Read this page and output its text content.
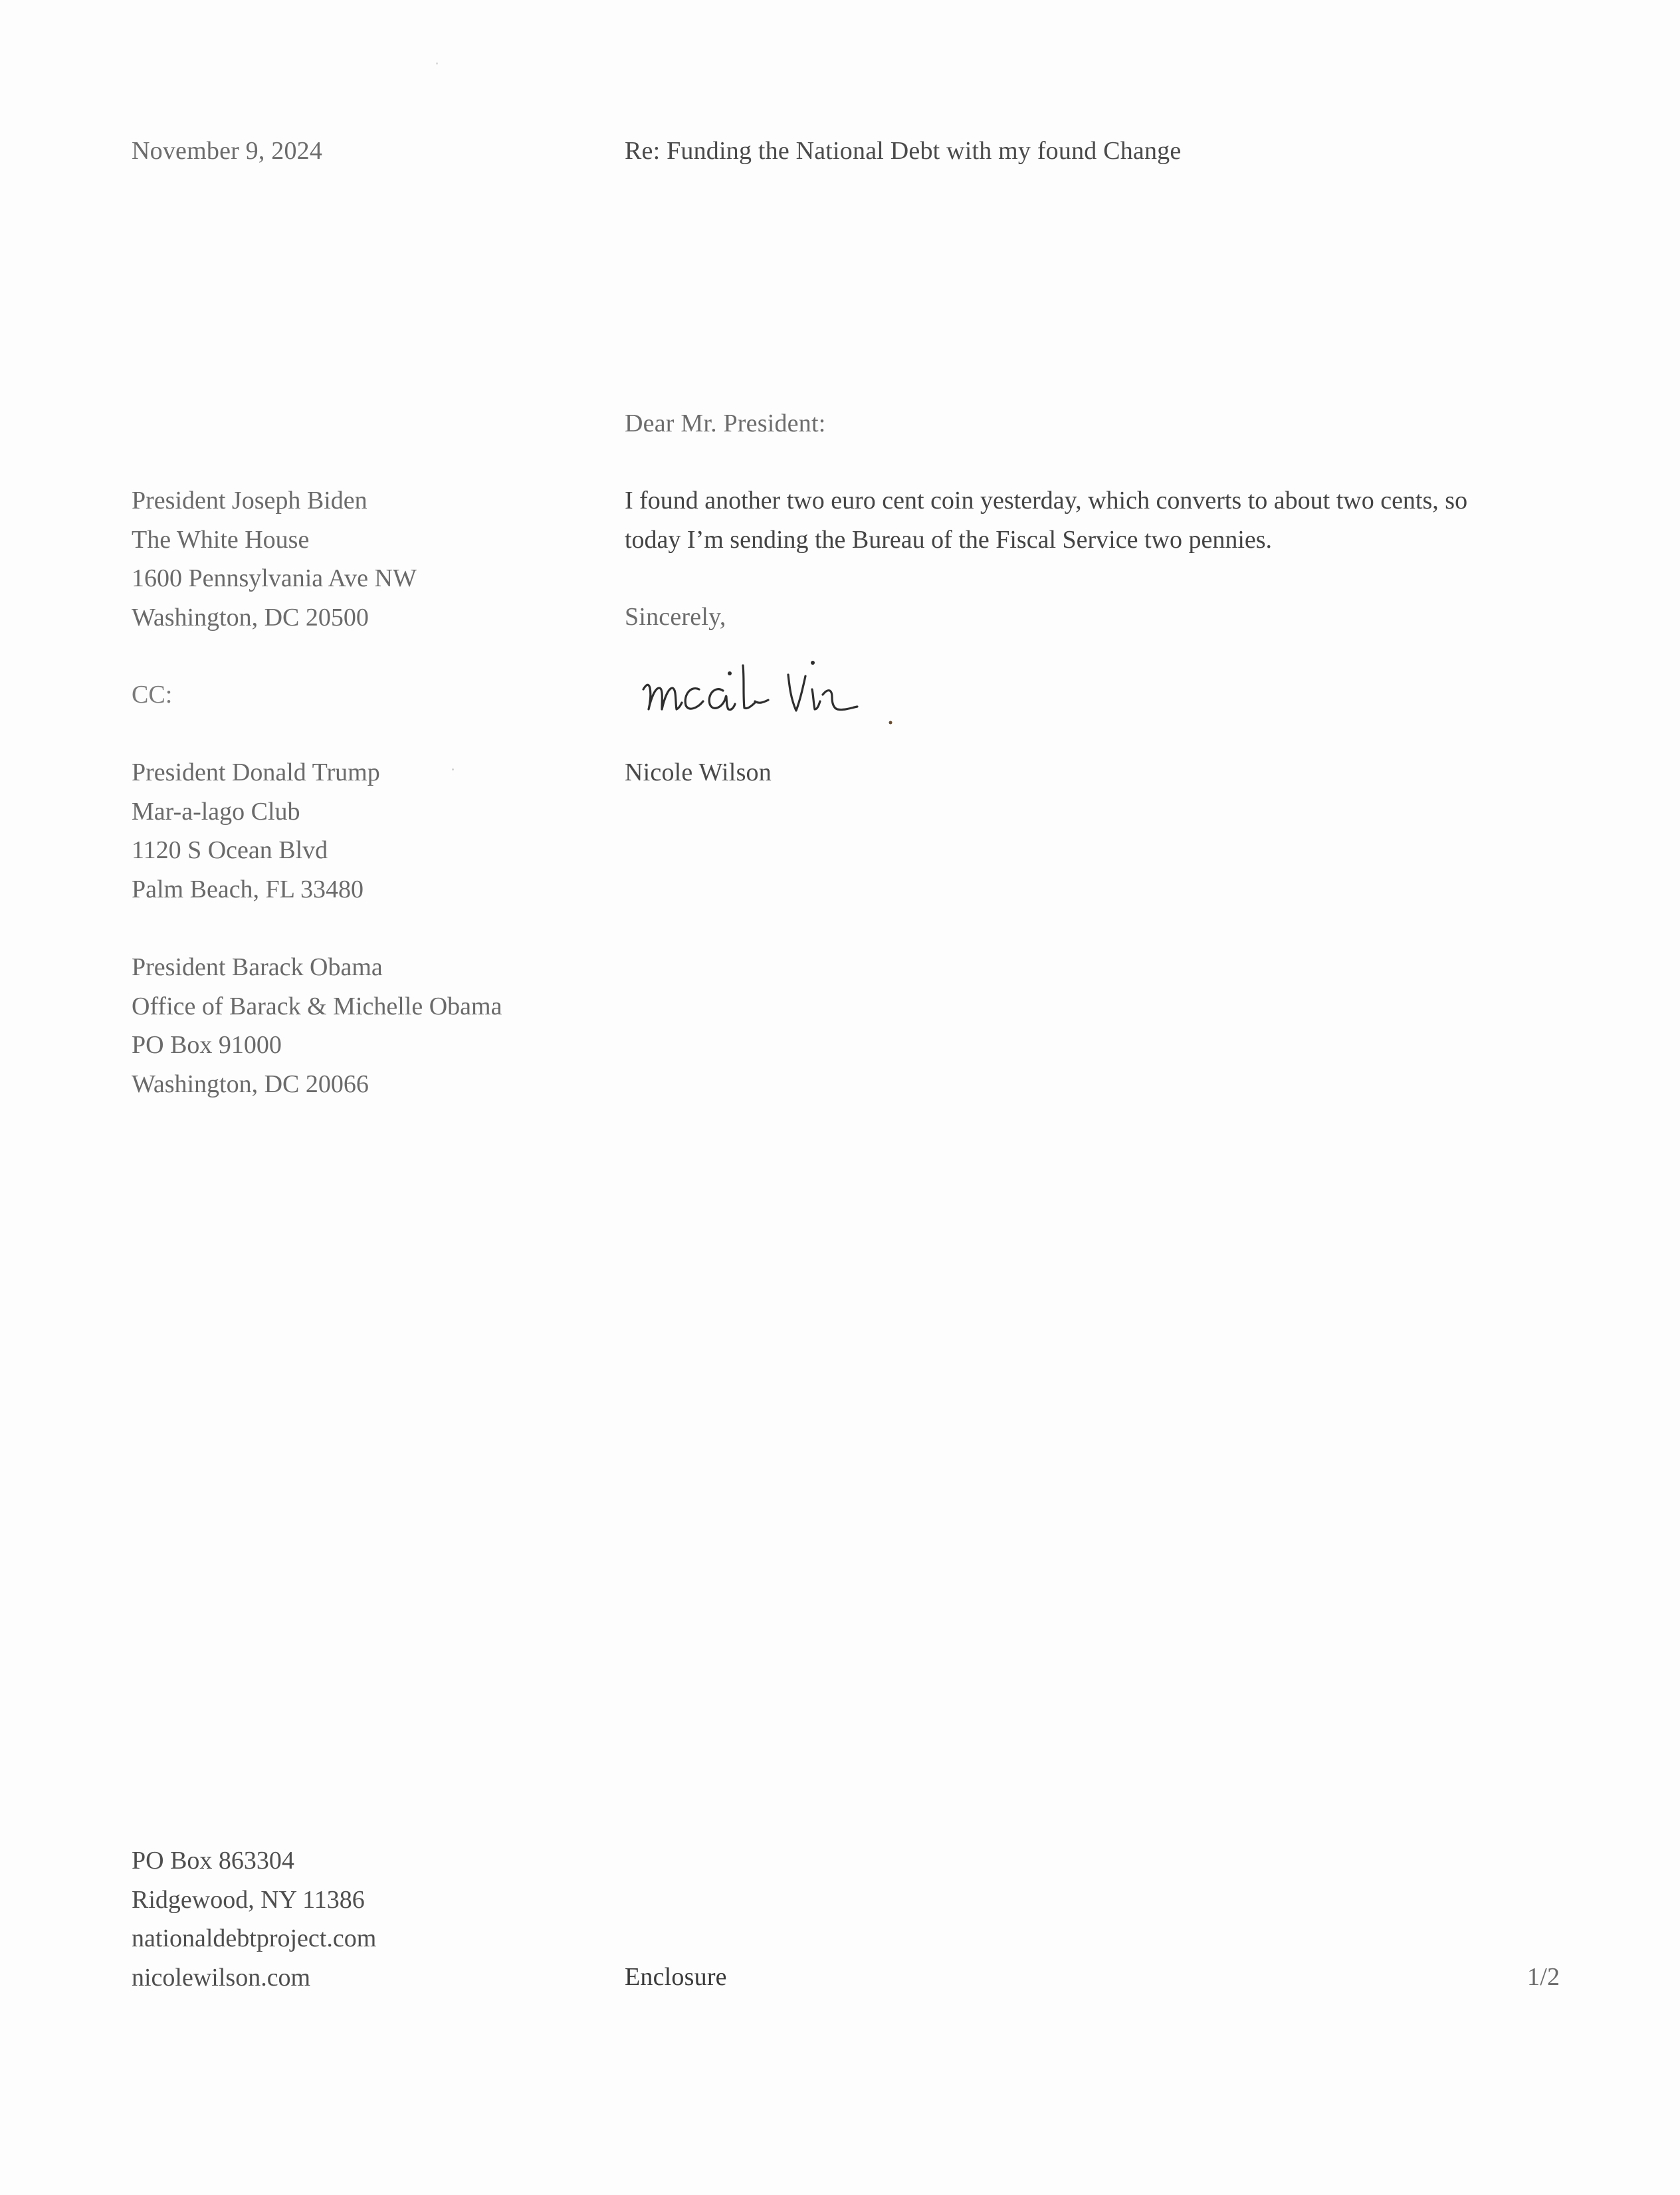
November 9, 2024	Re: Funding the National Debt with my found Change
Dear Mr. President:
President Joseph Biden
The White House
1600 Pennsylvania Ave NW
Washington, DC 20500
CC:
President Donald Trump
Mar-a-lago Club
1120 S Ocean Blvd
Palm Beach, FL 33480
President Barack Obama
Office of Barack & Michelle Obama
PO Box 91000
Washington, DC 20066
I found another two euro cent coin yesterday, which converts to about two cents, so
today I’m sending the Bureau of the Fiscal Service two pennies.
Sincerely,
Nicole Wilson
PO Box 863304
Ridgewood, NY 11386
nationaldebtproject.com
nicolewilson.com	Enclosure	1/2
